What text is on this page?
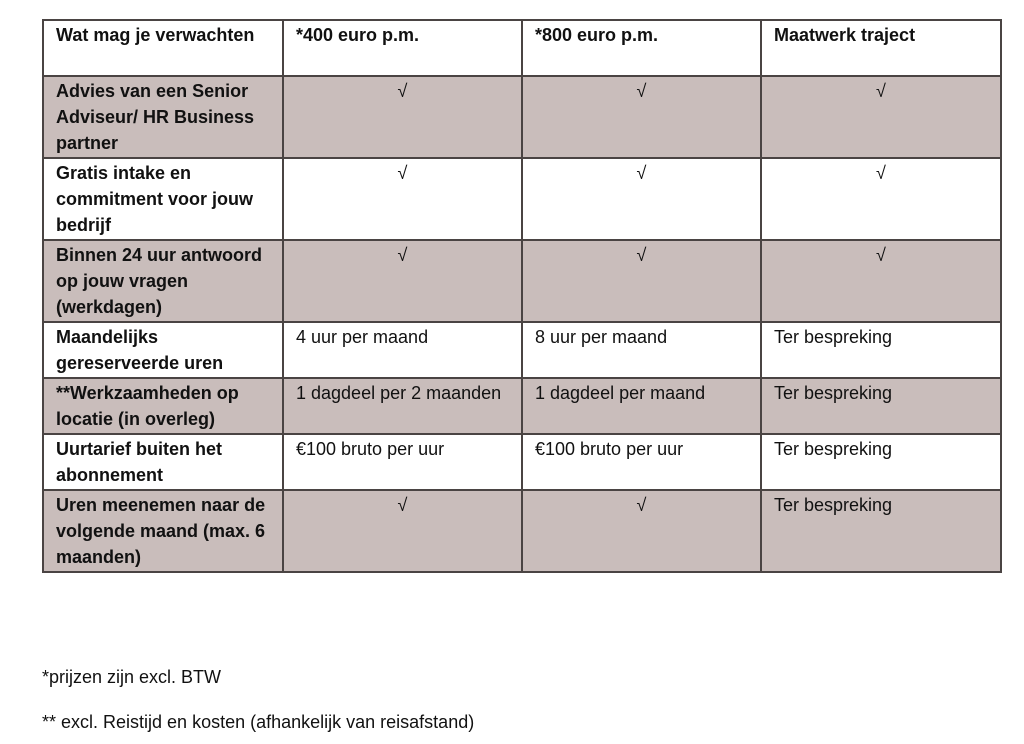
Wat mag je verwachten	*400 euro p.m.	*800 euro p.m.	Maatwerk traject
Advies van een Senior Adviseur/ HR Business partner	√	√	√
Gratis intake en commitment voor jouw bedrijf	√	√	√
Binnen 24 uur antwoord op jouw vragen (werkdagen)	√	√	√
Maandelijks gereserveerde uren	4 uur per maand	8 uur per maand	Ter bespreking
**Werkzaamheden op locatie (in overleg)	1 dagdeel per 2 maanden	1 dagdeel per maand	Ter bespreking
Uurtarief buiten het abonnement	€100 bruto per uur	€100 bruto per uur	Ter bespreking
Uren meenemen naar de volgende maand (max. 6 maanden)	√	√	Ter bespreking
*prijzen zijn excl. BTW
** excl. Reistijd en kosten (afhankelijk van reisafstand)
